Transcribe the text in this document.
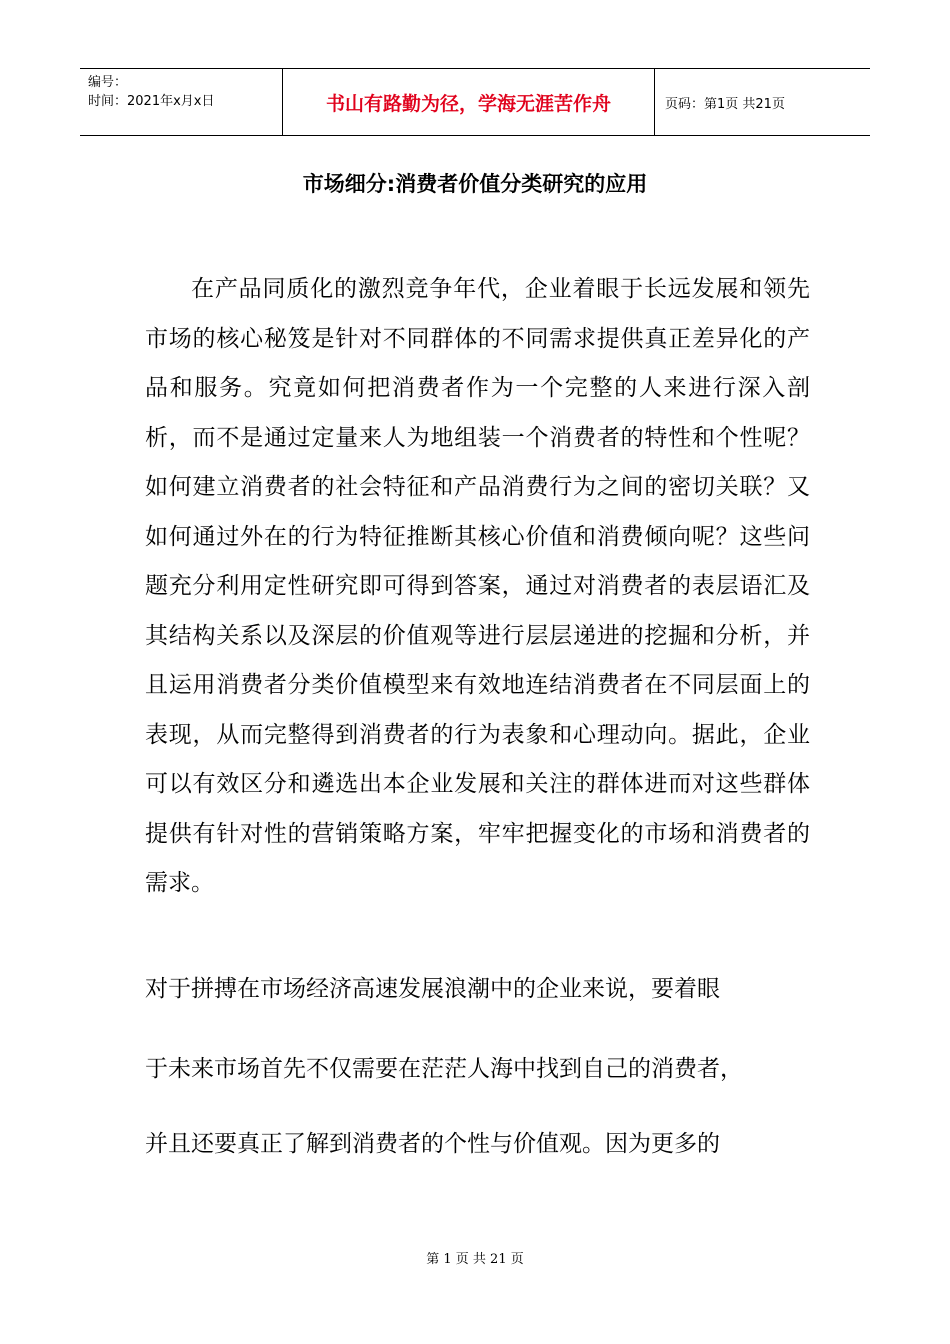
编号：
时间：2021年x月x日	书山有路勤为径，学海无涯苦作舟	页码：第1页 共21页
市场细分:消费者价值分类研究的应用

在产品同质化的激烈竞争年代，企业着眼于长远发展和领先市场的核心秘笈是针对不同群体的不同需求提供真正差异化的产品和服务。究竟如何把消费者作为一个完整的人来进行深入剖析，而不是通过定量来人为地组装一个消费者的特性和个性呢？如何建立消费者的社会特征和产品消费行为之间的密切关联？又如何通过外在的行为特征推断其核心价值和消费倾向呢？这些问题充分利用定性研究即可得到答案，通过对消费者的表层语汇及其结构关系以及深层的价值观等进行层层递进的挖掘和分析，并且运用消费者分类价值模型来有效地连结消费者在不同层面上的表现，从而完整得到消费者的行为表象和心理动向。据此，企业可以有效区分和遴选出本企业发展和关注的群体进而对这些群体提供有针对性的营销策略方案，牢牢把握变化的市场和消费者的需求。

对于拼搏在市场经济高速发展浪潮中的企业来说，要着眼

于未来市场首先不仅需要在茫茫人海中找到自己的消费者，

并且还要真正了解到消费者的个性与价值观。因为更多的

第 1 页 共 21 页
